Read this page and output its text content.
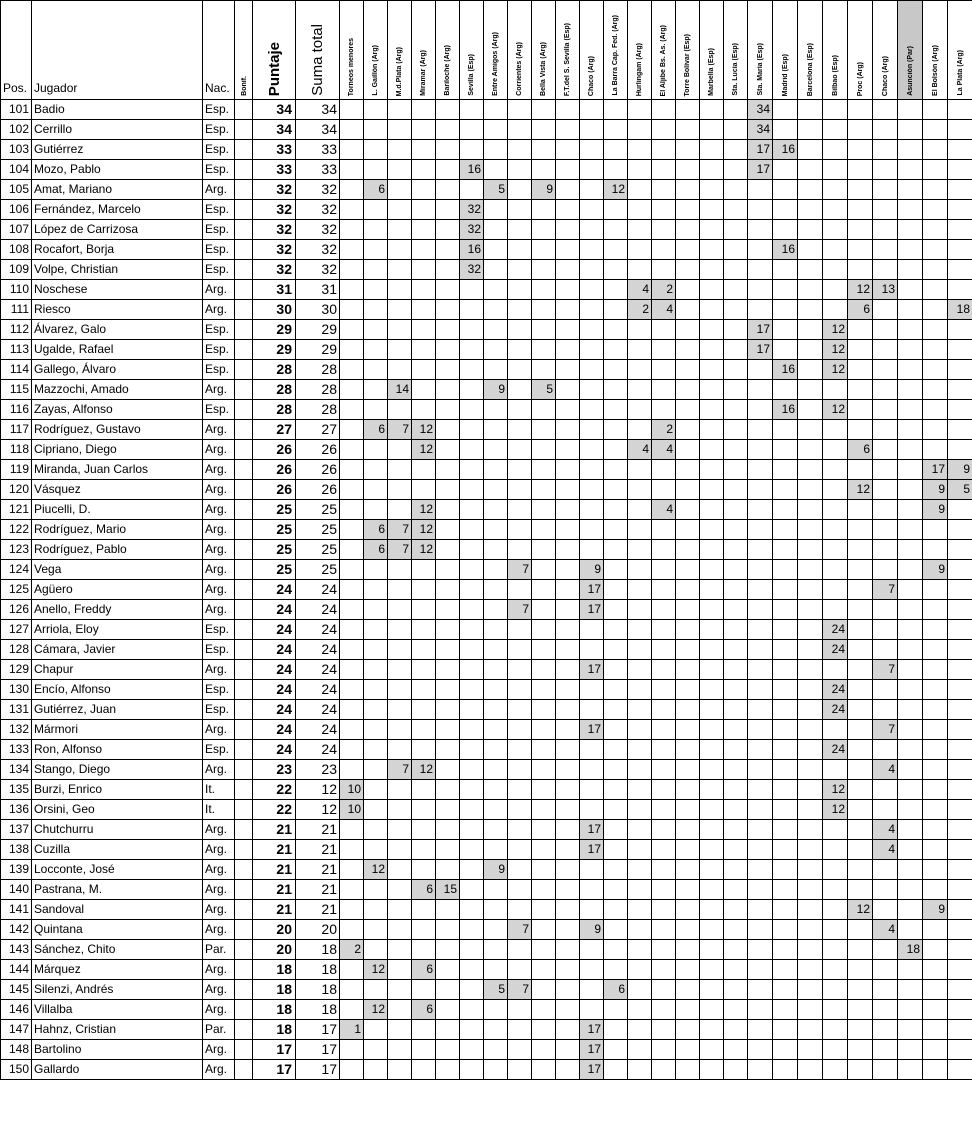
Pos.	Jugador	Nac.	Bonif.	Puntaje	Suma total	Torneos menores	L. Gaillón (Arg)	M.d.Plata (Arg)	Miramar (Arg)	Bariloche (Arg)	Sevilla (Esp)	Entre Amigos (Arg)	Corrientes (Arg)	Bella Vista (Arg)	F.T.del S. Sevilla (Esp)	Chaco (Arg)	La Barra Cap. Fed. (Arg)	Hurlingam (Arg)	El Aljibe Bs. As. (Arg)	Torre Bolívar (Esp)	Marbella (Esp)	Sta. Lucía (Esp)	Sta. María (Esp)	Madrid (Esp)	Barcelona (Esp)	Bilbao (Esp)	Proc (Arg)	Chaco (Arg)	Asunción (Par)	El Bolsón (Arg)	La Plata (Arg)

101	Badio	Esp.		34	34																		34								
102	Cerrillo	Esp.		34	34																		34								
103	Gutiérrez	Esp.		33	33																		17	16							
104	Mozo, Pablo	Esp.		33	33						16												17								
105	Amat, Mariano	Arg.		32	32		6					5		9			12														
106	Fernández, Marcelo	Esp.		32	32						32																				
107	López de Carrizosa	Esp.		32	32						32																				
108	Rocafort, Borja	Esp.		32	32						16													16							
109	Volpe, Christian	Esp.		32	32						32																				
110	Noschese	Arg.		31	31													4	2								12	13			
111	Riesco	Arg.		30	30													2	4								6				18
112	Álvarez, Galo	Esp.		29	29																		17			12					
113	Ugalde, Rafael	Esp.		29	29																		17			12					
114	Gallego, Álvaro	Esp.		28	28																			16		12					
115	Mazzochi, Amado	Arg.		28	28			14				9		5																	
116	Zayas, Alfonso	Esp.		28	28																			16		12					
117	Rodríguez, Gustavo	Arg.		27	27		6	7	12										2												
118	Cipriano, Diego	Arg.		26	26				12									4	4								6				
119	Miranda, Juan Carlos	Arg.		26	26																									17	9
120	Vásquez	Arg.		26	26																						12			9	5
121	Piucelli, D.	Arg.		25	25				12										4											9	
122	Rodríguez, Mario	Arg.		25	25		6	7	12																						
123	Rodríguez, Pablo	Arg.		25	25		6	7	12																						
124	Vega	Arg.		25	25								7			9														9	
125	Agüero	Arg.		24	24											17												7			
126	Anello, Freddy	Arg.		24	24								7			17															
127	Arriola, Eloy	Esp.		24	24																					24					
128	Cámara, Javier	Esp.		24	24																					24					
129	Chapur	Arg.		24	24											17												7			
130	Encío, Alfonso	Esp.		24	24																					24					
131	Gutiérrez, Juan	Esp.		24	24																					24					
132	Mármori	Arg.		24	24											17												7			
133	Ron, Alfonso	Esp.		24	24																					24					
134	Stango, Diego	Arg.		23	23			7	12																			4			
135	Burzi, Enrico	It.		22	12	10																				12					
136	Orsini, Geo	It.		22	12	10																				12					
137	Chutchurru	Arg.		21	21											17												4			
138	Cuzilla	Arg.		21	21											17												4			
139	Locconte, José	Arg.		21	21		12					9																			
140	Pastrana, M.	Arg.		21	21				6	15																					
141	Sandoval	Arg.		21	21																						12			9	
142	Quintana	Arg.		20	20								7			9												4			
143	Sánchez, Chito	Par.		20	18	2																							18		
144	Márquez	Arg.		18	18		12		6																						
145	Silenzi, Andrés	Arg.		18	18							5	7				6														
146	Villalba	Arg.		18	18		12		6																						
147	Hahnz, Cristian	Par.		18	17	1										17															
148	Bartolino	Arg.		17	17											17															
150	Gallardo	Arg.		17	17											17															
